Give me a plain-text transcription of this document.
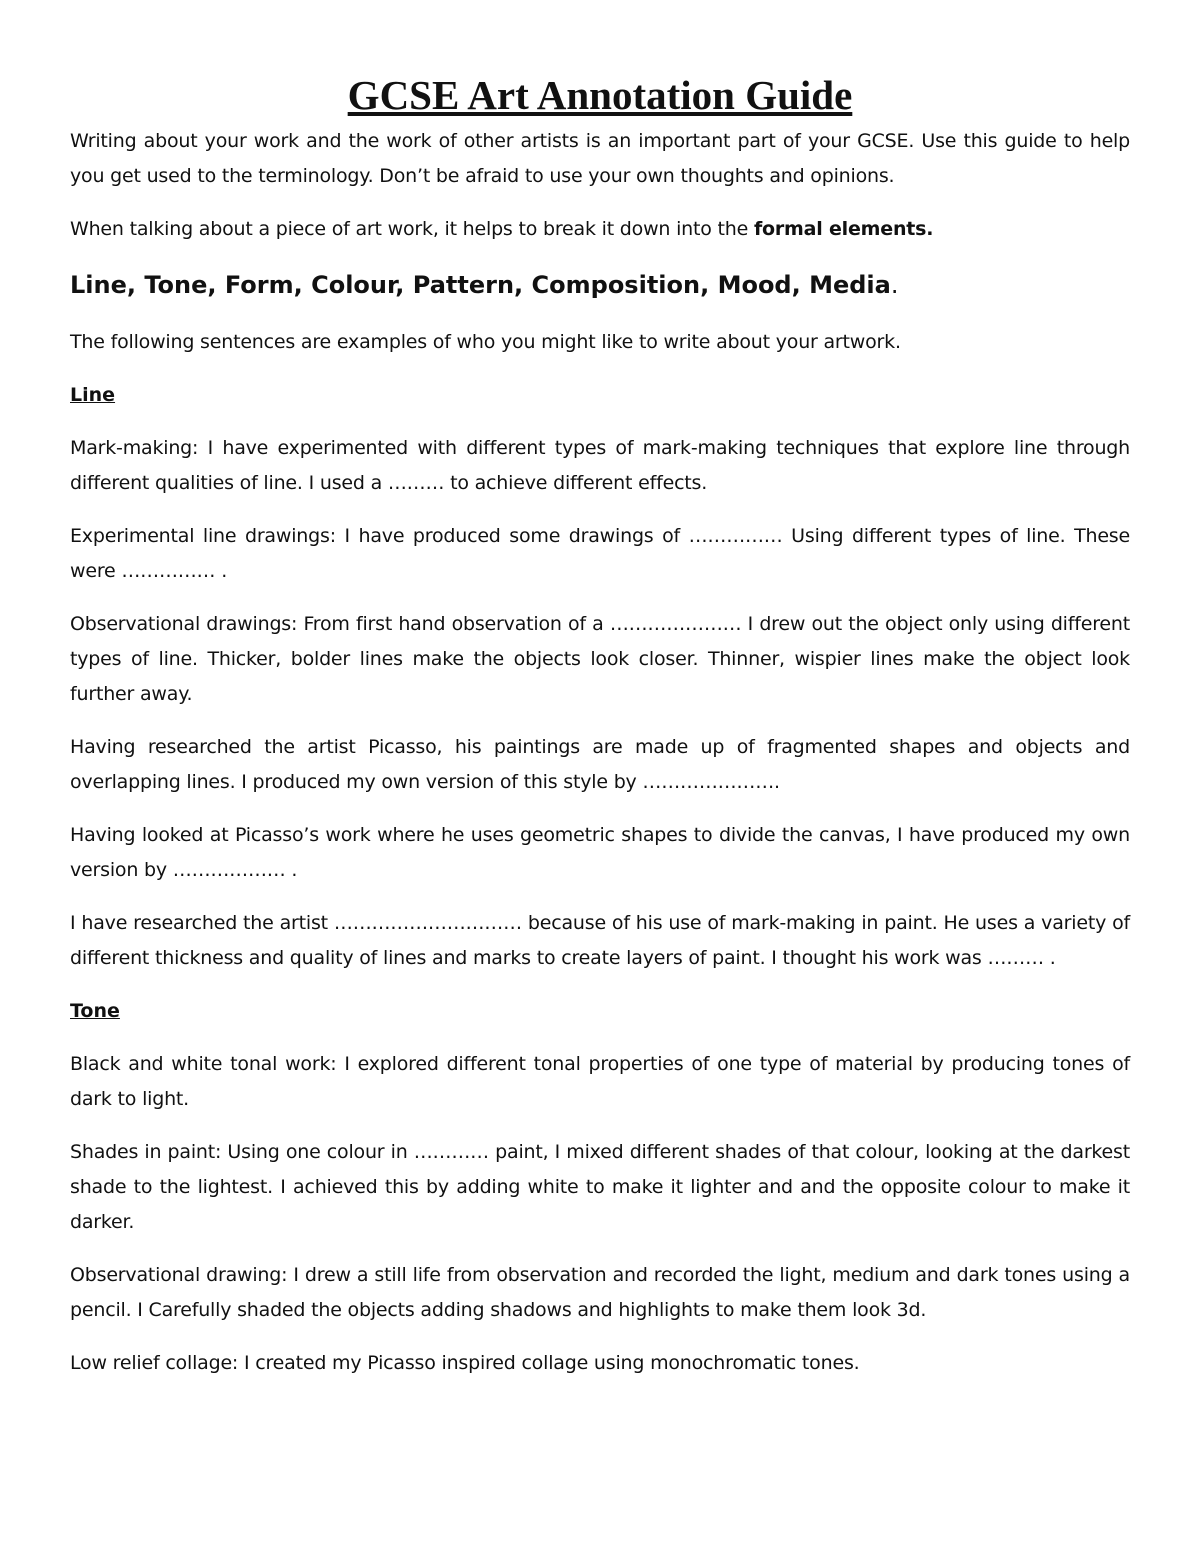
GCSE Art Annotation Guide

Writing about your work and the work of other artists is an important part of your GCSE. Use this guide to help you get used to the terminology. Don’t be afraid to use your own thoughts and opinions.

When talking about a piece of art work, it helps to break it down into the formal elements.

Line, Tone, Form, Colour, Pattern, Composition, Mood, Media.

The following sentences are examples of who you might like to write about your artwork.

Line

Mark-making: I have experimented with different types of mark-making techniques that explore line through different qualities of line. I used a ……… to achieve different effects.

Experimental line drawings: I have produced some drawings of …………… Using different types of line. These were …………… .

Observational drawings: From first hand observation of a ………………… I drew out the object only using different types of line. Thicker, bolder lines make the objects look closer. Thinner, wispier lines make the object look further away.

Having researched the artist Picasso, his paintings are made up of fragmented shapes and objects and overlapping lines. I produced my own version of this style by ………………….

Having looked at Picasso’s work where he uses geometric shapes to divide the canvas, I have produced my own version by ……………… .

I have researched the artist ………………………… because of his use of mark-making in paint. He uses a variety of different thickness and quality of lines and marks to create layers of paint. I thought his work was ……… .

Tone

Black and white tonal work: I explored different tonal properties of one type of material by producing tones of dark to light.

Shades in paint: Using one colour in ………… paint, I mixed different shades of that colour, looking at the darkest shade to the lightest. I achieved this by adding white to make it lighter and and the opposite colour to make it darker.

Observational drawing: I drew a still life from observation and recorded the light, medium and dark tones using a pencil. I Carefully shaded the objects adding shadows and highlights to make them look 3d.

Low relief collage: I created my Picasso inspired collage using monochromatic tones.
